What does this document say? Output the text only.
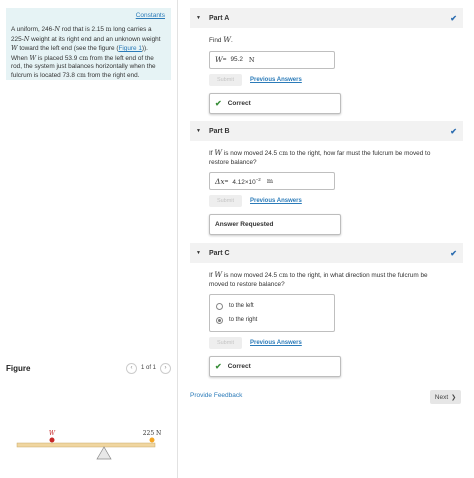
Constants

A uniform, 246-N rod that is 2.15 m long carries a 225-N weight at its right end and an unknown weight W toward the left end (see the figure (Figure 1)). When W is placed 53.9 cm from the left end of the rod, the system just balances horizontally when the fulcrum is located 73.8 cm from the right end.

Figure	‹	1 of 1	›
W	225 N
▼ Part A	✔

Find W.

W = 95.2 N
Submit	Previous Answers
✔ Correct
▼ Part B	✔

If W is now moved 24.5 cm to the right, how far must the fulcrum be moved to restore balance?

$\Delta x = 4.12\times 10^{-2}$ m
Submit	Previous Answers
Answer Requested
▼ Part C	✔

If W is now moved 24.5 cm to the right, in what direction must the fulcrum be moved to restore balance?

to the left
to the right
Submit	Previous Answers
✔ Correct
Provide Feedback	Next ❯
